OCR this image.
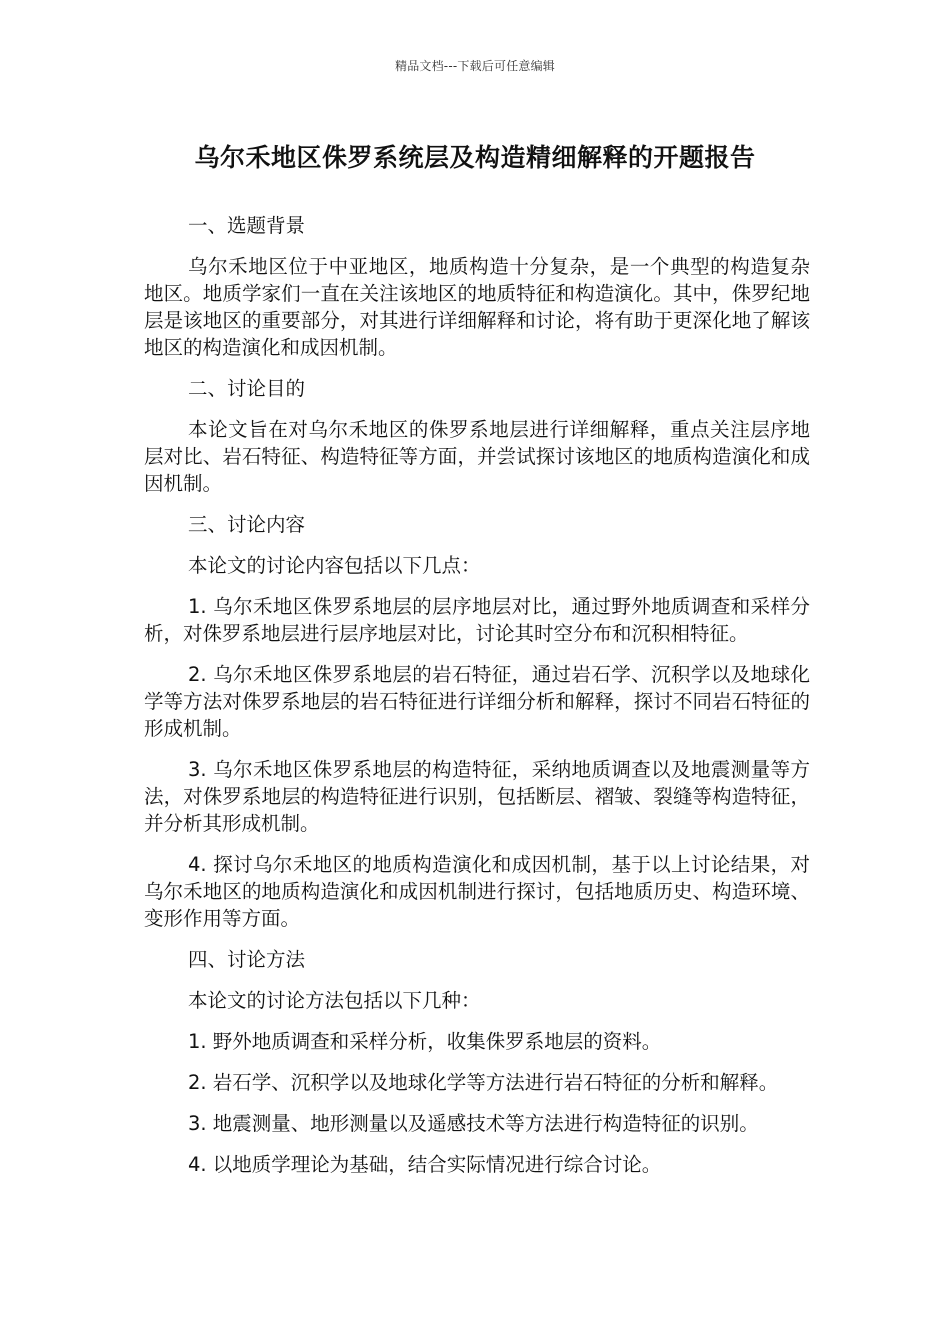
精品文档---下载后可任意编辑
乌尔禾地区侏罗系统层及构造精细解释的开题报告
一、选题背景
乌尔禾地区位于中亚地区，地质构造十分复杂，是一个典型的构造复杂地区。地质学家们一直在关注该地区的地质特征和构造演化。其中，侏罗纪地层是该地区的重要部分，对其进行详细解释和讨论，将有助于更深化地了解该地区的构造演化和成因机制。
二、讨论目的
本论文旨在对乌尔禾地区的侏罗系地层进行详细解释，重点关注层序地层对比、岩石特征、构造特征等方面，并尝试探讨该地区的地质构造演化和成因机制。
三、讨论内容
本论文的讨论内容包括以下几点：
1. 乌尔禾地区侏罗系地层的层序地层对比，通过野外地质调查和采样分析，对侏罗系地层进行层序地层对比，讨论其时空分布和沉积相特征。
2. 乌尔禾地区侏罗系地层的岩石特征，通过岩石学、沉积学以及地球化学等方法对侏罗系地层的岩石特征进行详细分析和解释，探讨不同岩石特征的形成机制。
3. 乌尔禾地区侏罗系地层的构造特征，采纳地质调查以及地震测量等方法，对侏罗系地层的构造特征进行识别，包括断层、褶皱、裂缝等构造特征，并分析其形成机制。
4. 探讨乌尔禾地区的地质构造演化和成因机制，基于以上讨论结果，对乌尔禾地区的地质构造演化和成因机制进行探讨，包括地质历史、构造环境、变形作用等方面。
四、讨论方法
本论文的讨论方法包括以下几种：
1. 野外地质调查和采样分析，收集侏罗系地层的资料。
2. 岩石学、沉积学以及地球化学等方法进行岩石特征的分析和解释。
3. 地震测量、地形测量以及遥感技术等方法进行构造特征的识别。
4. 以地质学理论为基础，结合实际情况进行综合讨论。
